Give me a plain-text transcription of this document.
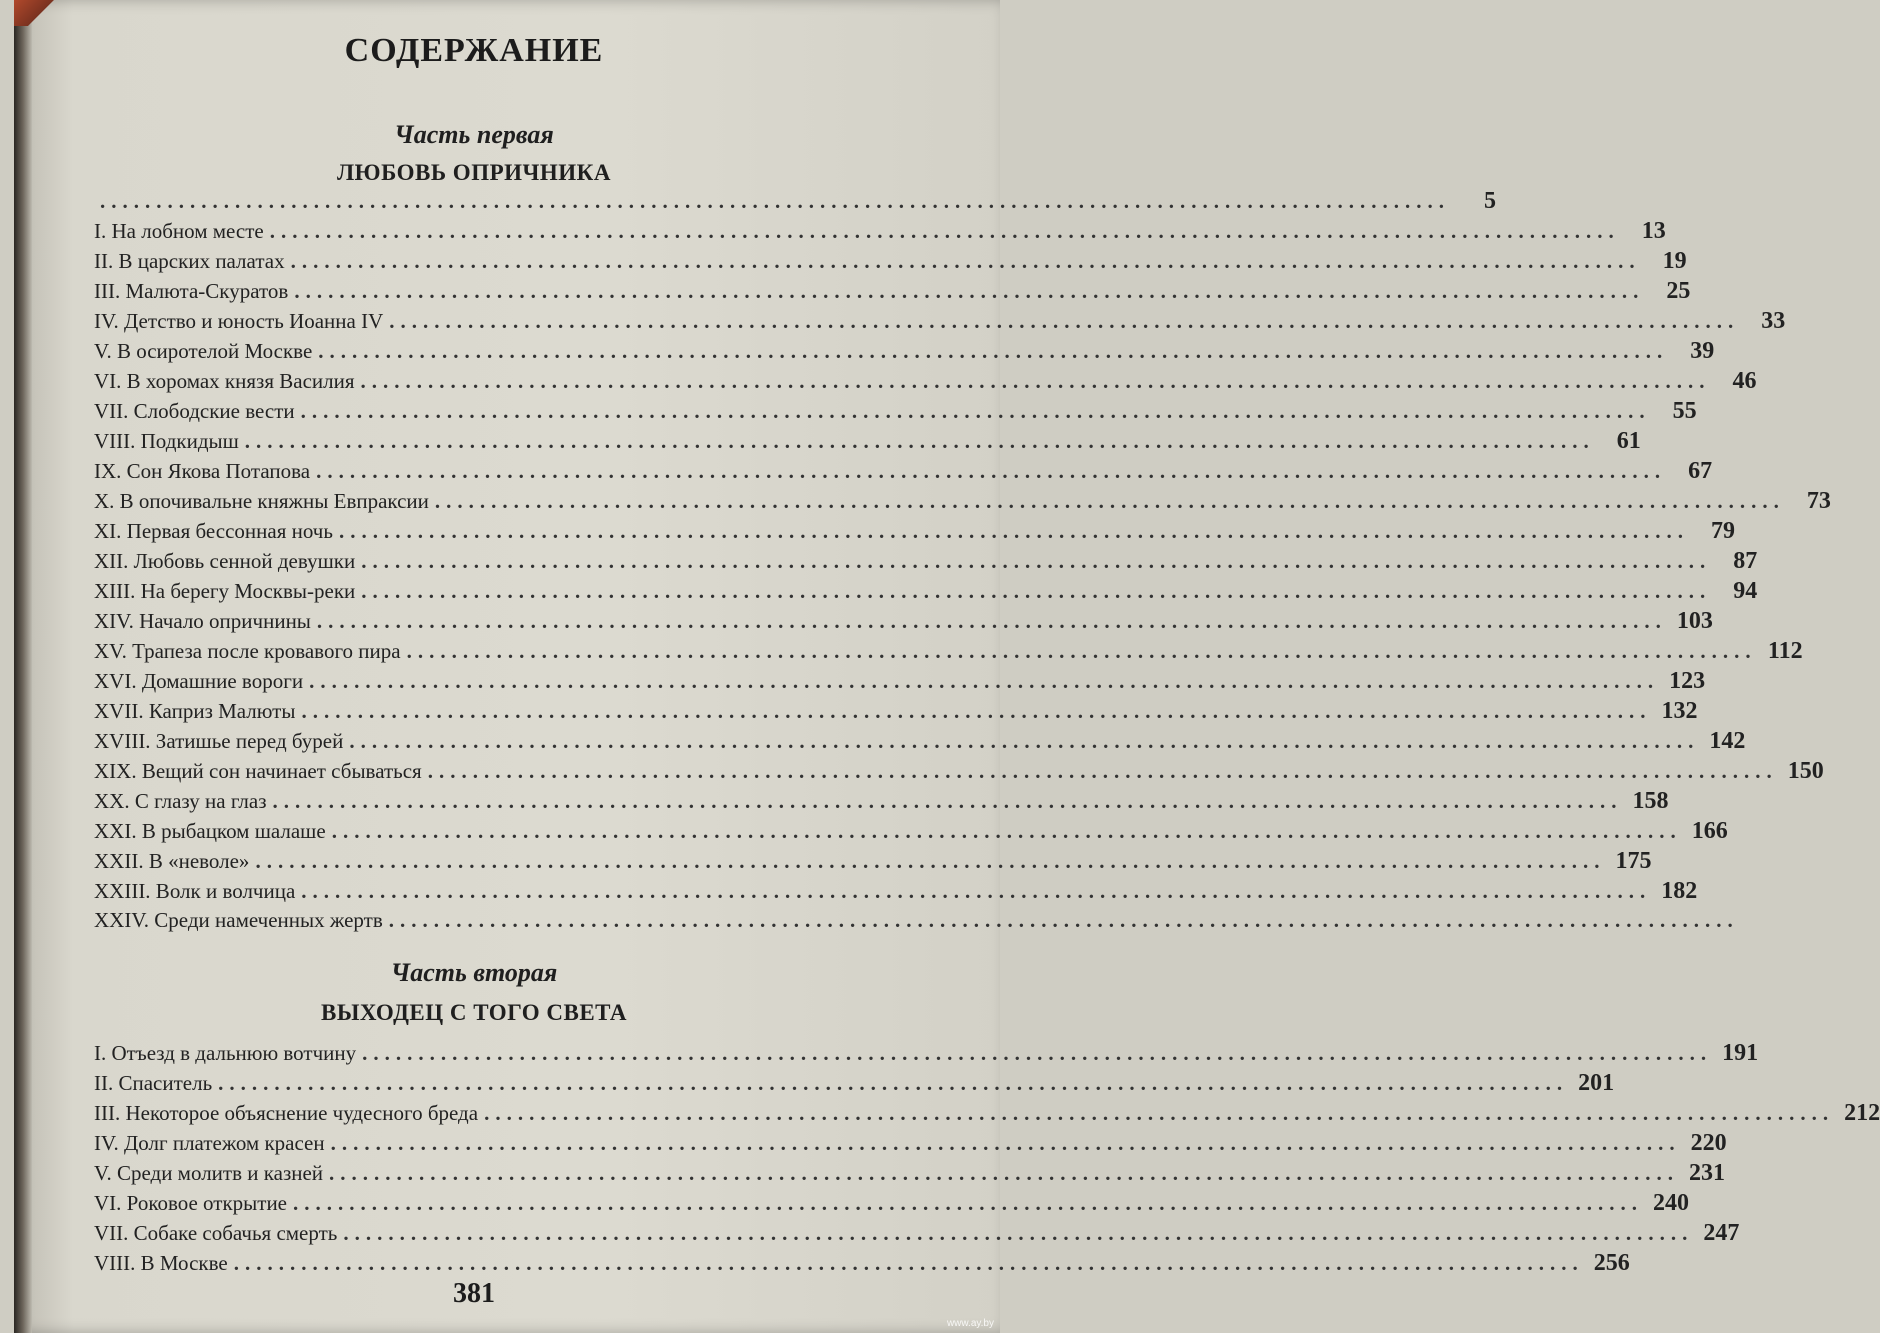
СОДЕРЖАНИЕ
Часть первая
ЛЮБОВЬ ОПРИЧНИКА
........................................................................................................................	5
I. На лобном месте ........................................................................................................................ 13
II. В царских палатах ........................................................................................................................ 19
III. Малюта-Скуратов ........................................................................................................................ 25
IV. Детство и юность Иоанна IV ........................................................................................................................ 33
V. В осиротелой Москве ........................................................................................................................ 39
VI. В хоромах князя Василия ........................................................................................................................ 46
VII. Слободские вести ........................................................................................................................ 55
VIII. Подкидыш ........................................................................................................................ 61
IX. Сон Якова Потапова ........................................................................................................................ 67
X. В опочивальне княжны Евпраксии ........................................................................................................................ 73
XI. Первая бессонная ночь ........................................................................................................................ 79
XII. Любовь сенной девушки ........................................................................................................................ 87
XIII. На берегу Москвы-реки ........................................................................................................................ 94
XIV. Начало опричнины ........................................................................................................................ 103
XV. Трапеза после кровавого пира ........................................................................................................................ 112
XVI. Домашние вороги ........................................................................................................................ 123
XVII. Каприз Малюты ........................................................................................................................ 132
XVIII. Затишье перед бурей ........................................................................................................................ 142
XIX. Вещий сон начинает сбываться ........................................................................................................................ 150
XX. С глазу на глаз ........................................................................................................................ 158
XXI. В рыбацком шалаше ........................................................................................................................ 166
XXII. В «неволе» ........................................................................................................................ 175
XXIII. Волк и волчица ........................................................................................................................ 182
XXIV. Среди намеченных жертв ........................................................................................................................
Часть вторая
ВЫХОДЕЦ С ТОГО СВЕТА
I. Отъезд в дальнюю вотчину ........................................................................................................................ 191
II. Спаситель ........................................................................................................................ 201
III. Некоторое объяснение чудесного бреда ........................................................................................................................ 212
IV. Долг платежом красен ........................................................................................................................ 220
V. Среди молитв и казней ........................................................................................................................ 231
VI. Роковое открытие ........................................................................................................................ 240
VII. Собаке собачья смерть ........................................................................................................................ 247
VIII. В Москве ........................................................................................................................ 256
381
www.ay.by
